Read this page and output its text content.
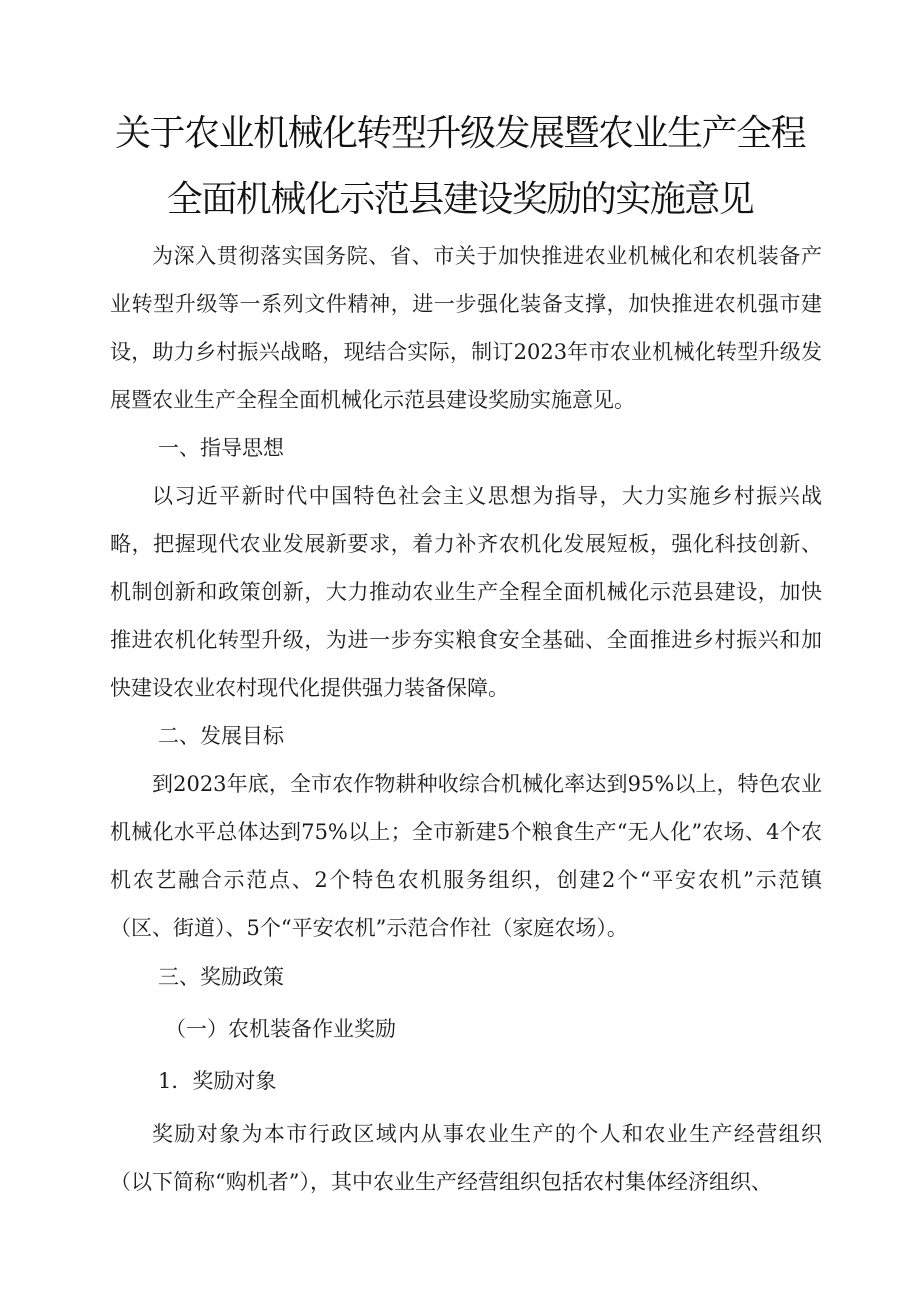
关于农业机械化转型升级发展暨农业生产全程
全面机械化示范县建设奖励的实施意见

为深入贯彻落实国务院、省、市关于加快推进农业机械化和农机装备产业转型升级等一系列文件精神，进一步强化装备支撑，加快推进农机强市建设，助力乡村振兴战略，现结合实际，制订2023年市农业机械化转型升级发展暨农业生产全程全面机械化示范县建设奖励实施意见。

一、指导思想

以习近平新时代中国特色社会主义思想为指导，大力实施乡村振兴战略，把握现代农业发展新要求，着力补齐农机化发展短板，强化科技创新、机制创新和政策创新，大力推动农业生产全程全面机械化示范县建设，加快推进农机化转型升级，为进一步夯实粮食安全基础、全面推进乡村振兴和加快建设农业农村现代化提供强力装备保障。

二、发展目标

到2023年底，全市农作物耕种收综合机械化率达到95%以上，特色农业机械化水平总体达到75%以上；全市新建5个粮食生产“无人化”农场、4个农机农艺融合示范点、2个特色农机服务组织，创建2个“平安农机”示范镇（区、街道）、5个“平安农机”示范合作社（家庭农场）。

三、奖励政策

（一）农机装备作业奖励

1．奖励对象

奖励对象为本市行政区域内从事农业生产的个人和农业生产经营组织（以下简称“购机者”），其中农业生产经营组织包括农村集体经济组织、
